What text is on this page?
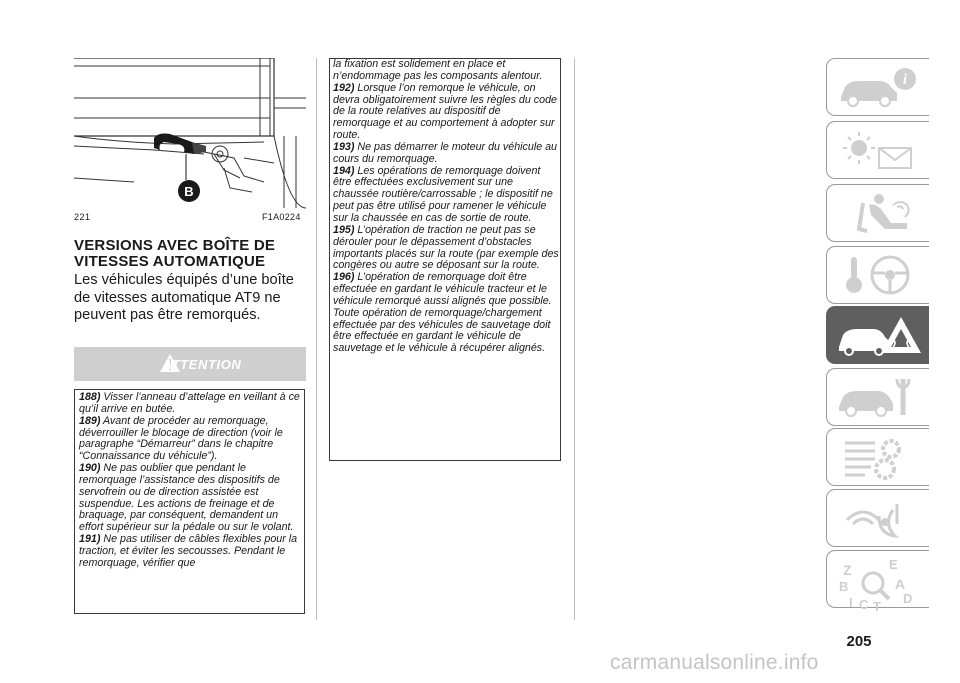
B
221	F1A0224
VERSIONS AVEC BOÎTE DE
VITESSES AUTOMATIQUE
Les véhicules équipés d’une boîte de vitesses automatique AT9 ne peuvent pas être remorqués.
ATTENTION
188) Visser l’anneau d’attelage en veillant à ce qu’il arrive en butée.
189) Avant de procéder au remorquage, déverrouiller le blocage de direction (voir le paragraphe “Démarreur” dans le chapitre “Connaissance du véhicule”).
190) Ne pas oublier que pendant le remorquage l’assistance des dispositifs de servofrein ou de direction assistée est suspendue. Les actions de freinage et de braquage, par conséquent, demandent un effort supérieur sur la pédale ou sur le volant.
191) Ne pas utiliser de câbles flexibles pour la traction, et éviter les secousses. Pendant le remorquage, vérifier que
la fixation est solidement en place et n’endommage pas les composants alentour.
192) Lorsque l’on remorque le véhicule, on devra obligatoirement suivre les règles du code de la route relatives au dispositif de remorquage et au comportement à adopter sur route.
193) Ne pas démarrer le moteur du véhicule au cours du remorquage.
194) Les opérations de remorquage doivent être effectuées exclusivement sur une chaussée routière/carrossable ; le dispositif ne peut pas être utilisé pour ramener le véhicule sur la chaussée en cas de sortie de route.
195) L’opération de traction ne peut pas se dérouler pour le dépassement d’obstacles importants placés sur la route (par exemple des congères ou autre se déposant sur la route.
196) L’opération de remorquage doit être effectuée en gardant le véhicule tracteur et le véhicule remorqué aussi alignés que possible. Toute opération de remorquage/chargement effectuée par des véhicules de sauvetage doit être effectuée en gardant le véhicule de sauvetage et le véhicule à récupérer alignés.
i
Z	E
B	A
I C T
D
205
carmanualsonline.info
